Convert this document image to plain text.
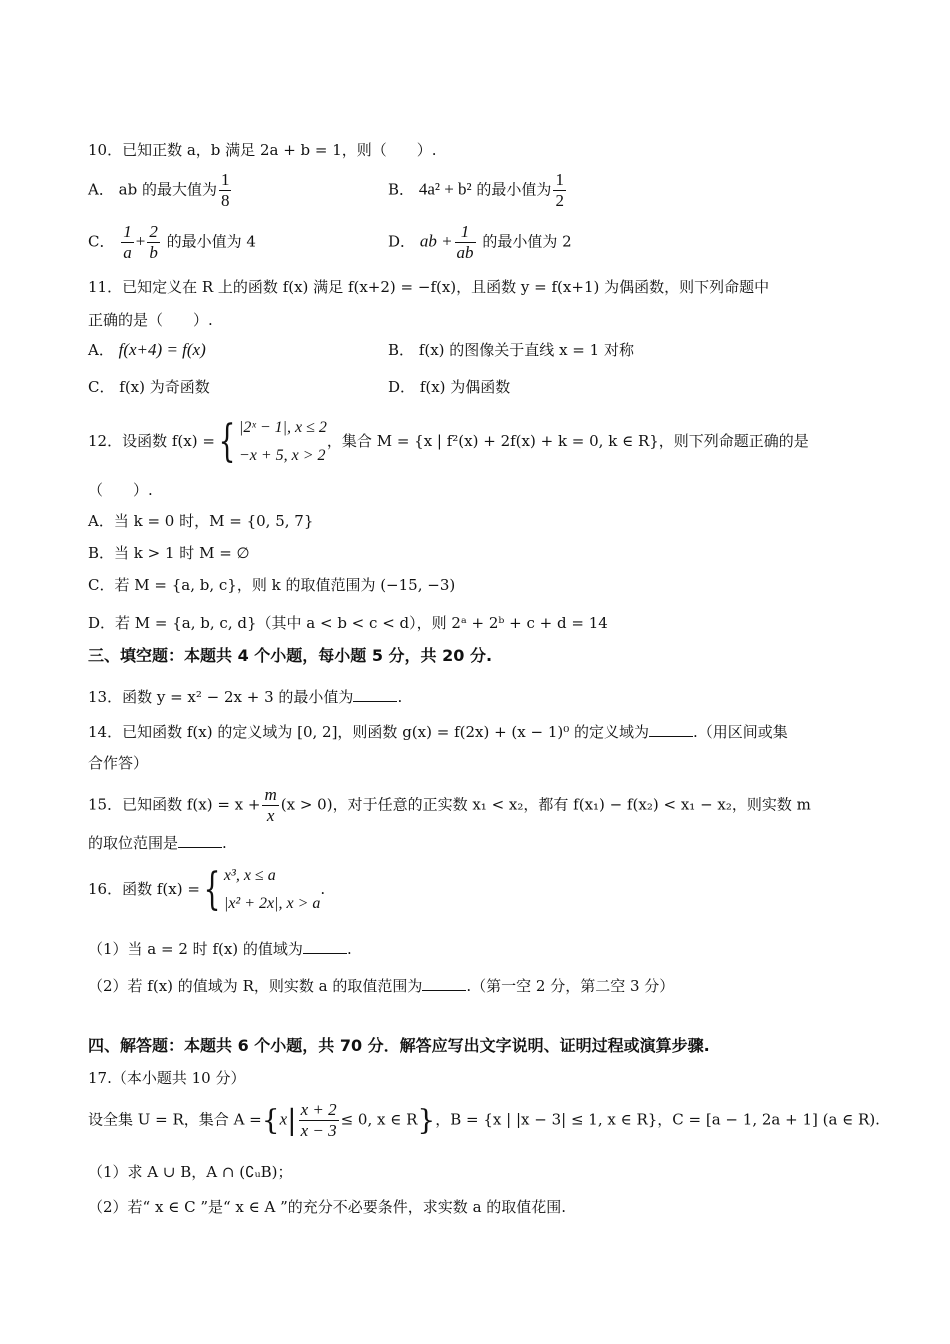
10．已知正数 a，b 满足 2a + b = 1，则（　　）.
A． ab 的最大值为 $\frac{1}{8}$	B． 4a² + b² 的最小值为 $\frac{1}{2}$
C． $\frac{1}{a} + \frac{2}{b}$ 的最小值为 4	D． ab + $\frac{1}{ab}$ 的最小值为 2
11．已知定义在 R 上的函数 f(x) 满足 f(x+2) = −f(x)，且函数 y = f(x+1) 为偶函数，则下列命题中
正确的是（　　）.
A． f(x+4) = f(x)	B． f(x) 的图像关于直线 x = 1 对称
C． f(x) 为奇函数	D． f(x) 为偶函数
12．设函数 f(x) ={ |2ˣ − 1|, x ≤ 2
−x + 5, x > 2
，集合 M = {x | f²(x) + 2f(x) + k = 0, k ∈ R}，则下列命题正确的是
（　　）.
A．当 k = 0 时，M = {0, 5, 7}
B．当 k > 1 时 M = ∅
C．若 M = {a, b, c}，则 k 的取值范围为 (−15, −3)
D．若 M = {a, b, c, d}（其中 a < b < c < d），则 2ᵃ + 2ᵇ + c + d = 14
三、填空题：本题共 4 个小题，每小题 5 分，共 20 分.
13．函数 y = x² − 2x + 3 的最小值为	.
14．已知函数 f(x) 的定义域为 [0, 2]，则函数 g(x) = f(2x) + (x − 1)⁰ 的定义域为	.（用区间或集
合作答）
15．已知函数 $f(x) = x + \frac{m}{x} (x > 0)$，对于任意的正实数 x₁ < x₂，都有 f(x₁) − f(x₂) < x₁ − x₂，则实数 m
的取位范围是	.
16．函数 f(x) ={ x³, x ≤ a
|x² + 2x|, x > a
.
（1）当 a = 2 时 f(x) 的值域为	.
（2）若 f(x) 的值域为 R，则实数 a 的取值范围为	.（第一空 2 分，第二空 3 分）
四、解答题：本题共 6 个小题，共 70 分．解答应写出文字说明、证明过程或演算步骤.
17.（本小题共 10 分）
设全集 U = R，集合 $A =\{x| \frac{x + 2}{x - 3} \le 0$, x ∈ R}，B = {x | |x − 3| ≤ 1, x ∈ R}，C = [a − 1, 2a + 1] (a ∈ R).
（1）求 A ∪ B，A ∩ (∁ᵤB)；
（2）若“ x ∈ C ”是“ x ∈ A ”的充分不必要条件，求实数 a 的取值花围.
